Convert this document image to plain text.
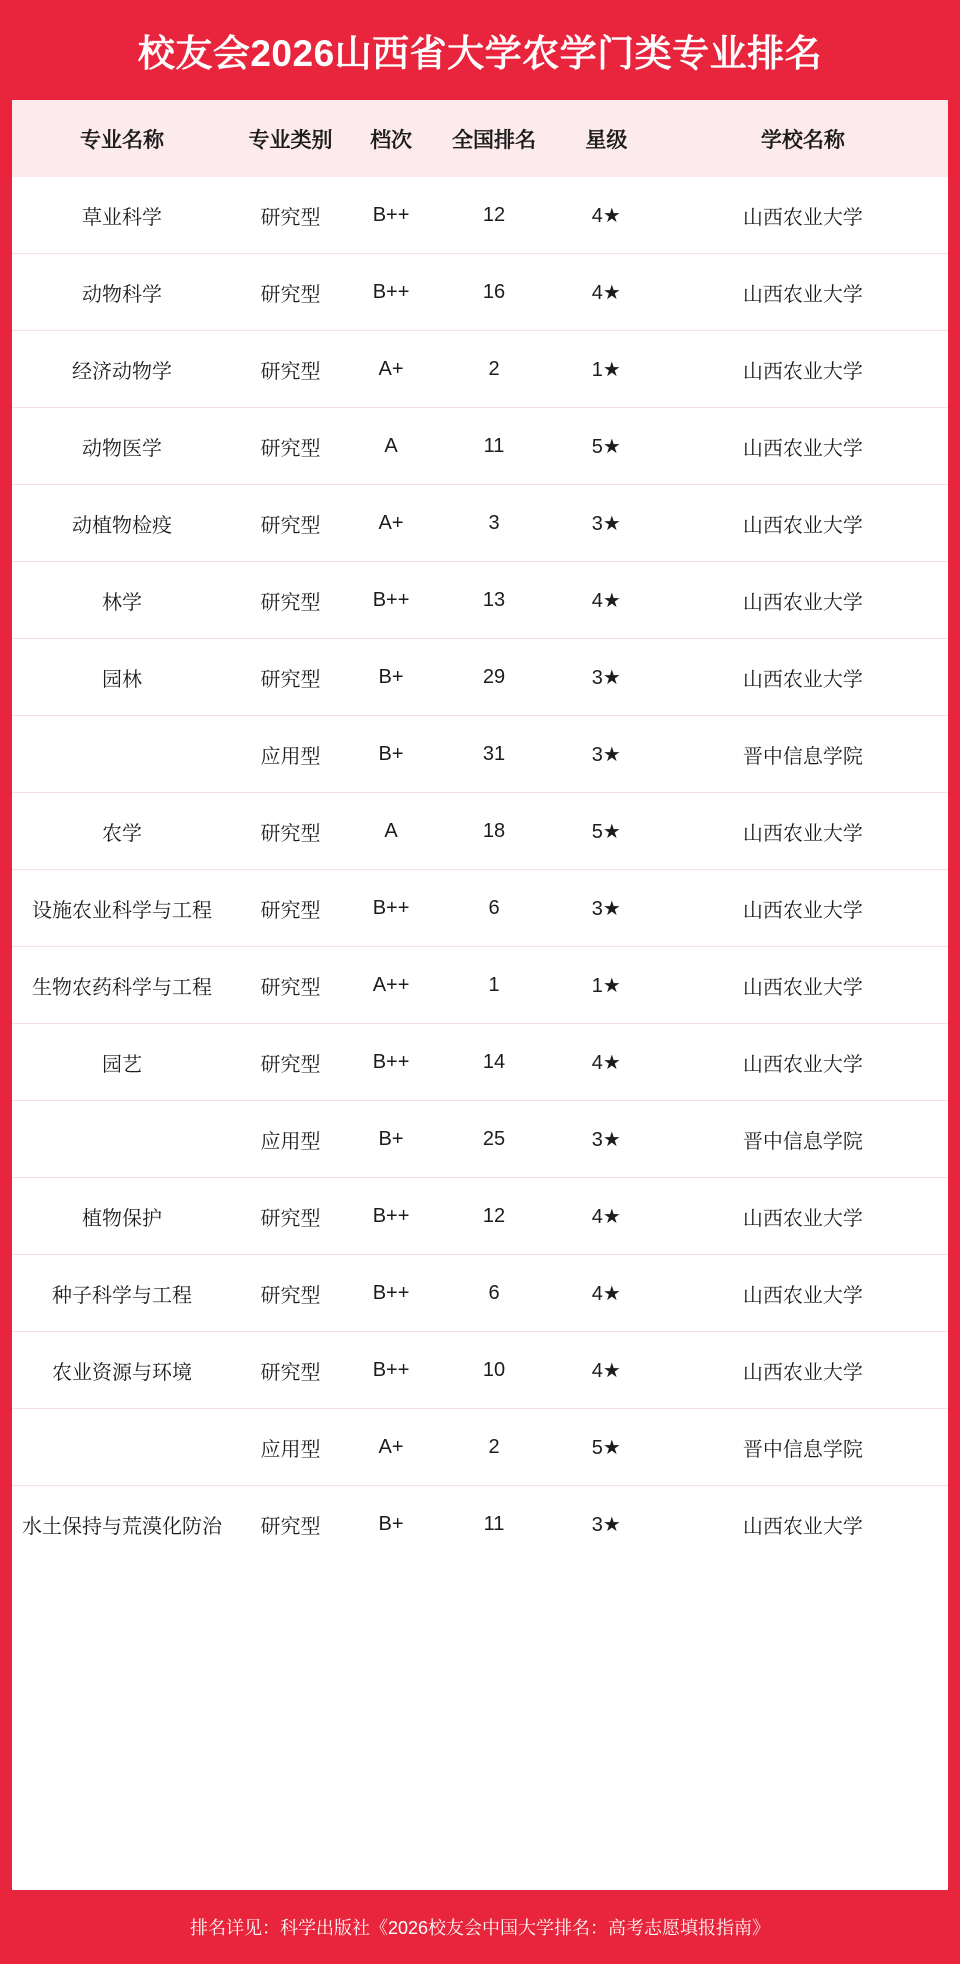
校友会2026山西省大学农学门类专业排名
专业名称	专业类别	档次	全国排名	星级	学校名称
草业科学	研究型	B++	12	4★	山西农业大学
动物科学	研究型	B++	16	4★	山西农业大学
经济动物学	研究型	A+	2	1★	山西农业大学
动物医学	研究型	A	11	5★	山西农业大学
动植物检疫	研究型	A+	3	3★	山西农业大学
林学	研究型	B++	13	4★	山西农业大学
园林	研究型	B+	29	3★	山西农业大学
	应用型	B+	31	3★	晋中信息学院
农学	研究型	A	18	5★	山西农业大学
设施农业科学与工程	研究型	B++	6	3★	山西农业大学
生物农药科学与工程	研究型	A++	1	1★	山西农业大学
园艺	研究型	B++	14	4★	山西农业大学
	应用型	B+	25	3★	晋中信息学院
植物保护	研究型	B++	12	4★	山西农业大学
种子科学与工程	研究型	B++	6	4★	山西农业大学
农业资源与环境	研究型	B++	10	4★	山西农业大学
	应用型	A+	2	5★	晋中信息学院
水土保持与荒漠化防治	研究型	B+	11	3★	山西农业大学
排名详见：科学出版社《2026校友会中国大学排名：高考志愿填报指南》
